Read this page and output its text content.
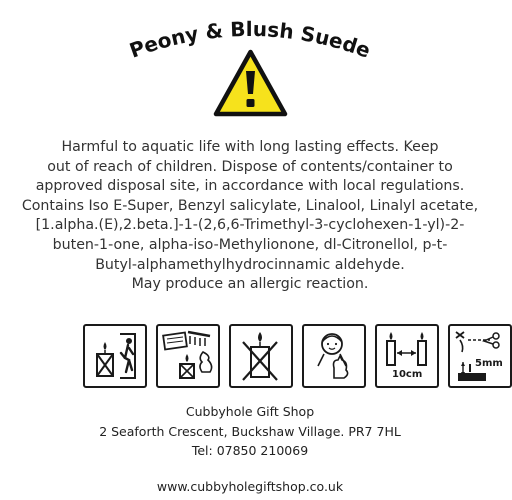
Peony & Blush Suede
Harmful to aquatic life with long lasting effects. Keep
out of reach of children. Dispose of contents/container to
approved disposal site, in accordance with local regulations.
Contains Iso E-Super, Benzyl salicylate, Linalool, Linalyl acetate,
[1.alpha.(E),2.beta.]-1-(2,6,6-Trimethyl-3-cyclohexen-1-yl)-2-
buten-1-one, alpha-iso-Methylionone, dl-Citronellol, p-t-
Butyl-alphamethylhydrocinnamic aldehyde.
May produce an allergic reaction.
10cm
5mm
Cubbyhole Gift Shop
2 Seaforth Crescent, Buckshaw Village. PR7 7HL
Tel: 07850 210069
www.cubbyholegiftshop.co.uk
